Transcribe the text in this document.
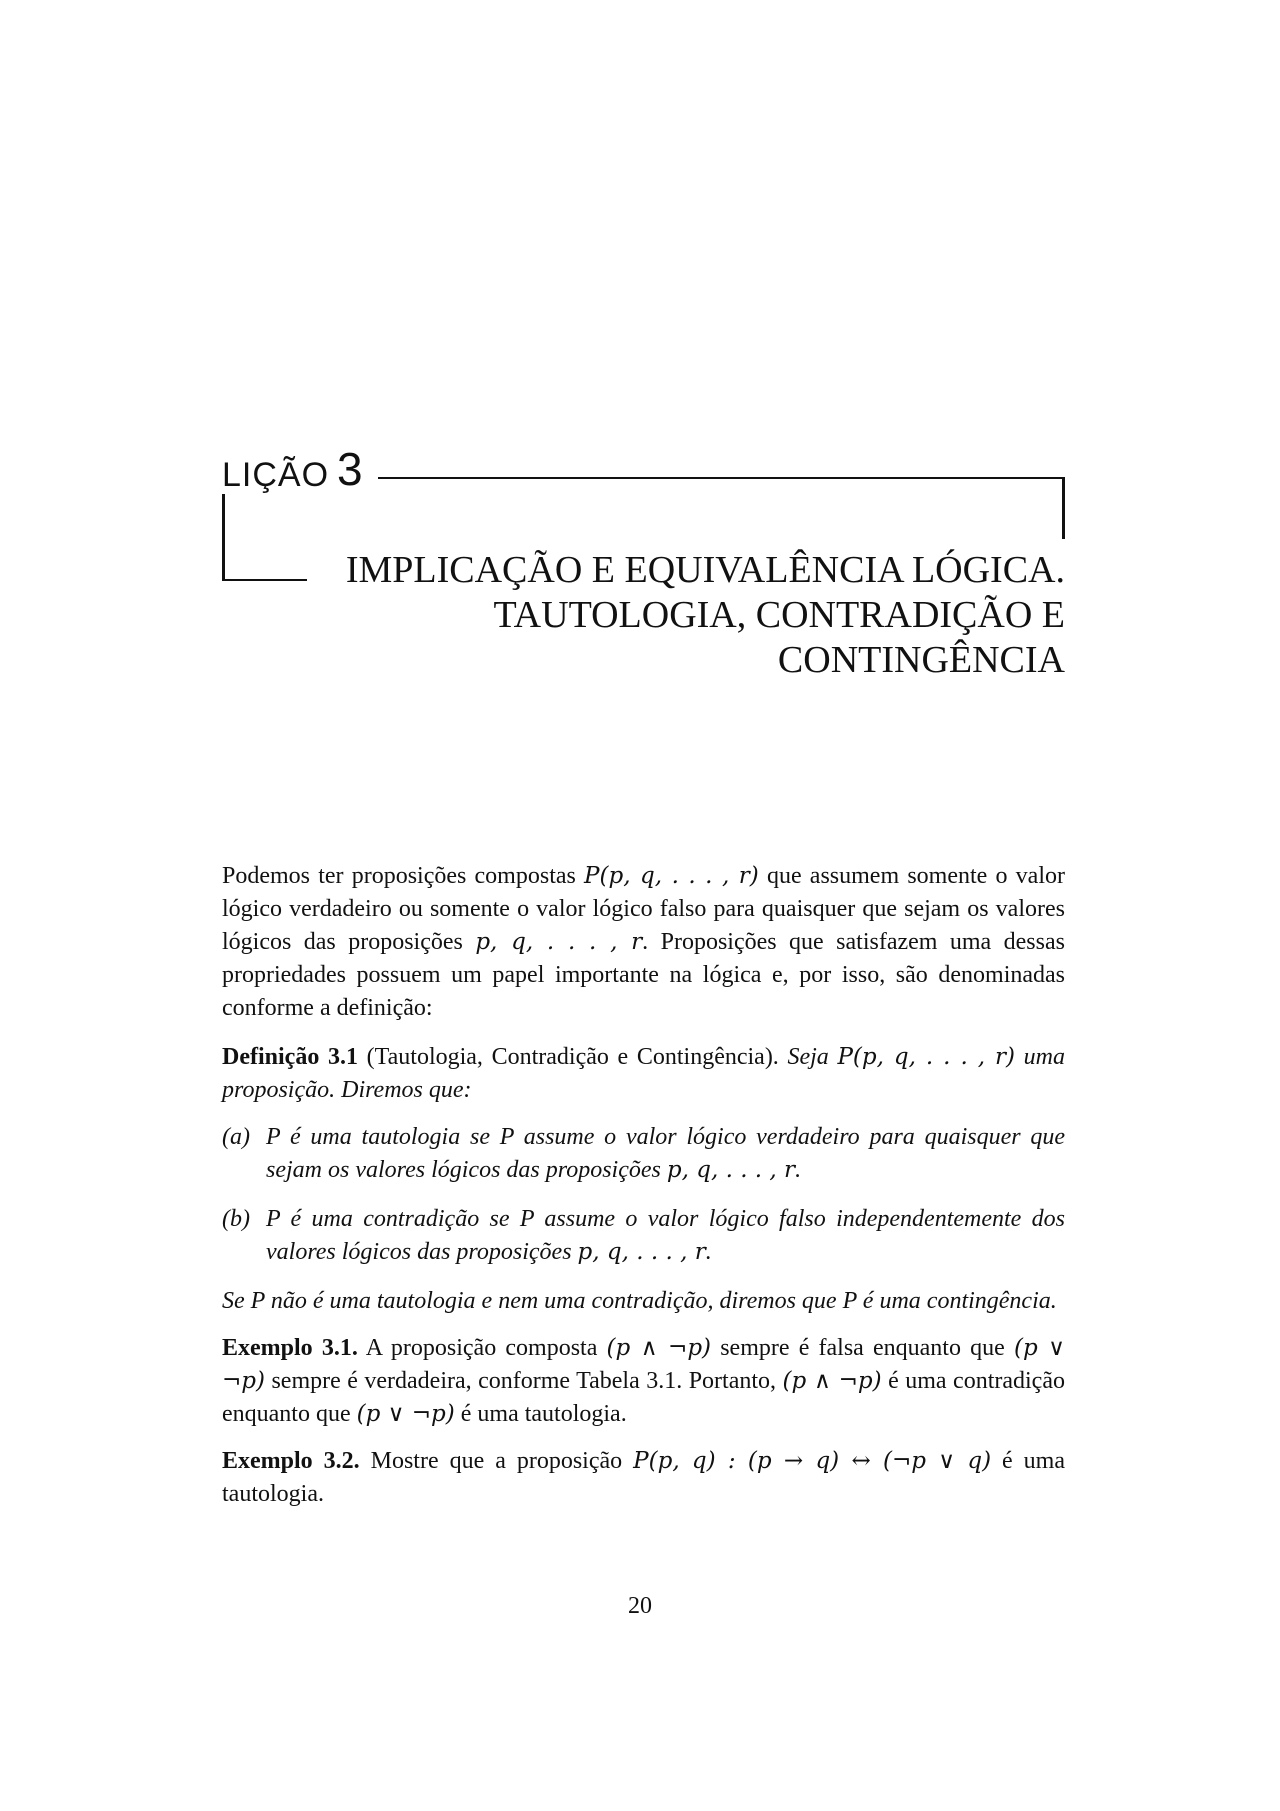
LIÇÃO 3
IMPLICAÇÃO E EQUIVALÊNCIA LÓGICA.
TAUTOLOGIA, CONTRADIÇÃO E
CONTINGÊNCIA

Podemos ter proposições compostas P(p, q, . . . , r) que assumem somente o valor lógico verdadeiro ou somente o valor lógico falso para quaisquer que sejam os valores lógicos das proposições p, q, . . . , r. Proposições que satisfazem uma dessas propriedades possuem um papel importante na lógica e, por isso, são denominadas conforme a definição:

Definição 3.1 (Tautologia, Contradição e Contingência). Seja P(p, q, . . . , r) uma proposição. Diremos que:

(a) P é uma tautologia se P assume o valor lógico verdadeiro para quaisquer que sejam os valores lógicos das proposições p, q, . . . , r.
(b) P é uma contradição se P assume o valor lógico falso independentemente dos valores lógicos das proposições p, q, . . . , r.

Se P não é uma tautologia e nem uma contradição, diremos que P é uma contingência.

Exemplo 3.1. A proposição composta (p ∧ ¬p) sempre é falsa enquanto que (p ∨ ¬p) sempre é verdadeira, conforme Tabela 3.1. Portanto, (p ∧ ¬p) é uma contradição enquanto que (p ∨ ¬p) é uma tautologia.

Exemplo 3.2. Mostre que a proposição P(p, q) : (p → q) ↔ (¬p ∨ q) é uma tautologia.

20
